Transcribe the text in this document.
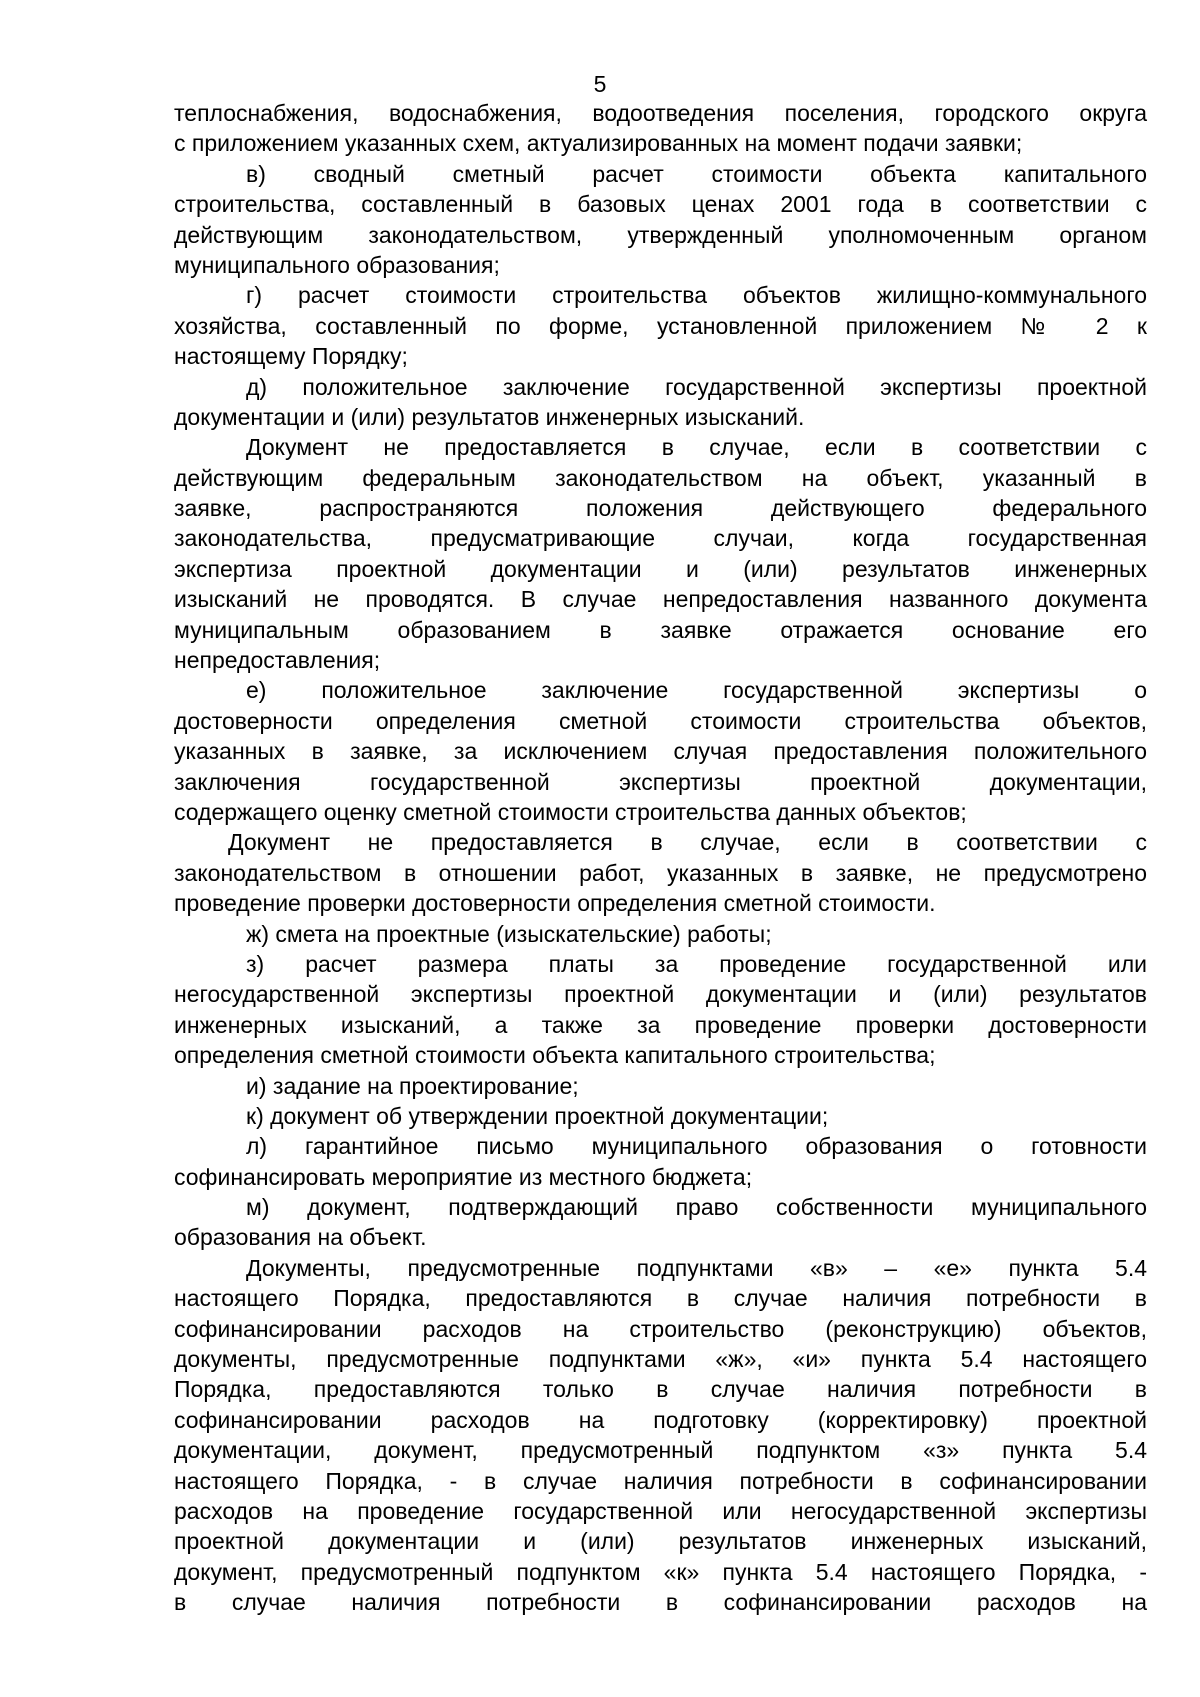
5
теплоснабжения, водоснабжения, водоотведения поселения, городского округа
с приложением указанных схем, актуализированных на момент подачи заявки;
в) сводный сметный расчет стоимости объекта капитального
строительства, составленный в базовых ценах 2001 года в соответствии с
действующим законодательством, утвержденный уполномоченным органом
муниципального образования;
г) расчет стоимости строительства объектов жилищно-коммунального
хозяйства, составленный по форме, установленной приложением № 2 к
настоящему Порядку;
д) положительное заключение государственной экспертизы проектной
документации и (или) результатов инженерных изысканий.
Документ не предоставляется в случае, если в соответствии с
действующим федеральным законодательством на объект, указанный в
заявке, распространяются положения действующего федерального
законодательства, предусматривающие случаи, когда государственная
экспертиза проектной документации и (или) результатов инженерных
изысканий не проводятся. В случае непредоставления названного документа
муниципальным образованием в заявке отражается основание его
непредоставления;
е) положительное заключение государственной экспертизы о
достоверности определения сметной стоимости строительства объектов,
указанных в заявке, за исключением случая предоставления положительного
заключения государственной экспертизы проектной документации,
содержащего оценку сметной стоимости строительства данных объектов;
Документ не предоставляется в случае, если в соответствии с
законодательством в отношении работ, указанных в заявке, не предусмотрено
проведение проверки достоверности определения сметной стоимости.
ж) смета на проектные (изыскательские) работы;
з) расчет размера платы за проведение государственной или
негосударственной экспертизы проектной документации и (или) результатов
инженерных изысканий, а также за проведение проверки достоверности
определения сметной стоимости объекта капитального строительства;
и) задание на проектирование;
к) документ об утверждении проектной документации;
л) гарантийное письмо муниципального образования о готовности
софинансировать мероприятие из местного бюджета;
м) документ, подтверждающий право собственности муниципального
образования на объект.
Документы, предусмотренные подпунктами «в» – «е» пункта 5.4
настоящего Порядка, предоставляются в случае наличия потребности в
софинансировании расходов на строительство (реконструкцию) объектов,
документы, предусмотренные подпунктами «ж», «и» пункта 5.4 настоящего
Порядка, предоставляются только в случае наличия потребности в
софинансировании расходов на подготовку (корректировку) проектной
документации, документ, предусмотренный подпунктом «з» пункта 5.4
настоящего Порядка, - в случае наличия потребности в софинансировании
расходов на проведение государственной или негосударственной экспертизы
проектной документации и (или) результатов инженерных изысканий,
документ, предусмотренный подпунктом «к» пункта 5.4 настоящего Порядка, -
в случае наличия потребности в софинансировании расходов на
